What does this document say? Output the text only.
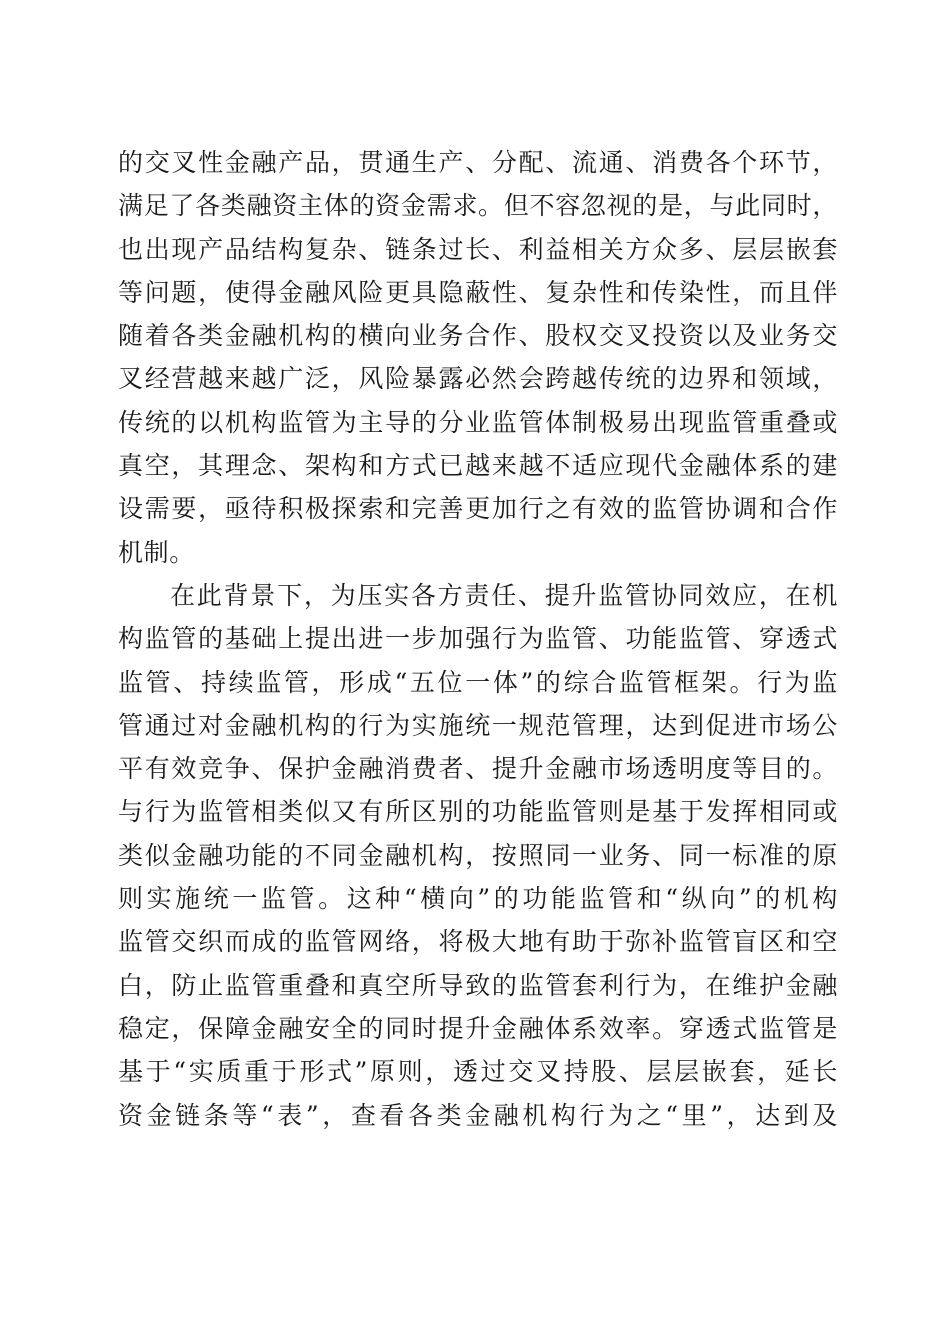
的交叉性金融产品，贯通生产、分配、流通、消费各个环节，
满足了各类融资主体的资金需求。但不容忽视的是，与此同时，
也出现产品结构复杂、链条过长、利益相关方众多、层层嵌套
等问题，使得金融风险更具隐蔽性、复杂性和传染性，而且伴
随着各类金融机构的横向业务合作、股权交叉投资以及业务交
叉经营越来越广泛，风险暴露必然会跨越传统的边界和领域，
传统的以机构监管为主导的分业监管体制极易出现监管重叠或
真空，其理念、架构和方式已越来越不适应现代金融体系的建
设需要，亟待积极探索和完善更加行之有效的监管协调和合作
机制。
在此背景下，为压实各方责任、提升监管协同效应，在机
构监管的基础上提出进一步加强行为监管、功能监管、穿透式
监管、持续监管，形成“五位一体”的综合监管框架。行为监
管通过对金融机构的行为实施统一规范管理，达到促进市场公
平有效竞争、保护金融消费者、提升金融市场透明度等目的。
与行为监管相类似又有所区别的功能监管则是基于发挥相同或
类似金融功能的不同金融机构，按照同一业务、同一标准的原
则实施统一监管。这种“横向”的功能监管和“纵向”的机构
监管交织而成的监管网络，将极大地有助于弥补监管盲区和空
白，防止监管重叠和真空所导致的监管套利行为，在维护金融
稳定，保障金融安全的同时提升金融体系效率。穿透式监管是
基于“实质重于形式”原则，透过交叉持股、层层嵌套，延长
资金链条等“表”，查看各类金融机构行为之“里”，达到及
